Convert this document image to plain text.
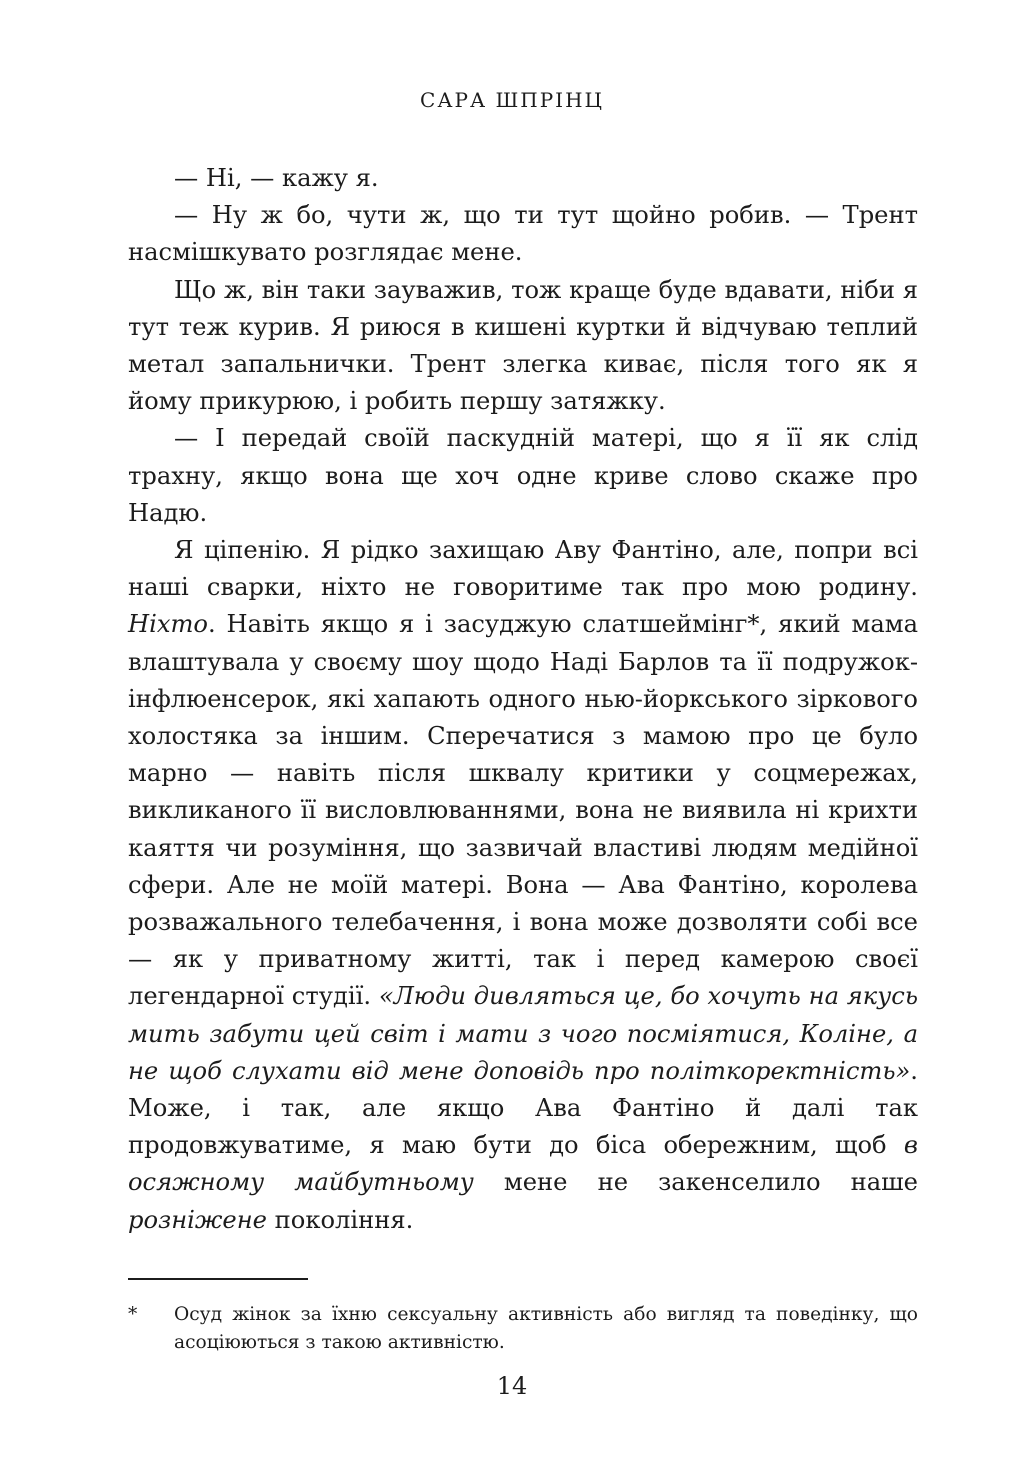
САРА ШПРІНЦ

— Ні, — кажу я.

— Ну ж бо, чути ж, що ти тут щойно робив. — Трент насмішкувато розглядає мене.

Що ж, він таки зауважив, тож краще буде вдавати, ніби я тут теж курив. Я риюся в кишені куртки й відчуваю теплий метал запальнички. Трент злегка киває, після того як я йому прикурюю, і робить першу затяжку.

— І передай своїй паскудній матері, що я її як слід трахну, якщо вона ще хоч одне криве слово скаже про Надю.

Я ціпенію. Я рідко захищаю Аву Фантіно, але, попри всі наші сварки, ніхто не говоритиме так про мою родину. Ніхто. Навіть якщо я і засуджую слатшеймінг*, який мама влаштувала у своєму шоу щодо Наді Барлов та її подружок-інфлюенсерок, які хапають одного нью-йоркського зіркового холостяка за іншим. Сперечатися з мамою про це було марно — навіть після шквалу критики у соцмережах, викликаного її висловлюваннями, вона не виявила ні крихти каяття чи розуміння, що зазвичай властиві людям медійної сфери. Але не моїй матері. Вона — Ава Фантіно, королева розважального телебачення, і вона може дозволяти собі все — як у приватному житті, так і перед камерою своєї легендарної студії. «Люди дивляться це, бо хочуть на якусь мить забути цей світ і мати з чого посміятися, Коліне, а не щоб слухати від мене доповідь про політкоректність». Може, і так, але якщо Ава Фантіно й далі так продовжуватиме, я маю бути до біса обережним, щоб в осяжному майбутньому мене не закенселило наше розніжене покоління.

*	Осуд жінок за їхню сексуальну активність або вигляд та поведінку, що асоціюються з такою активністю.

14
